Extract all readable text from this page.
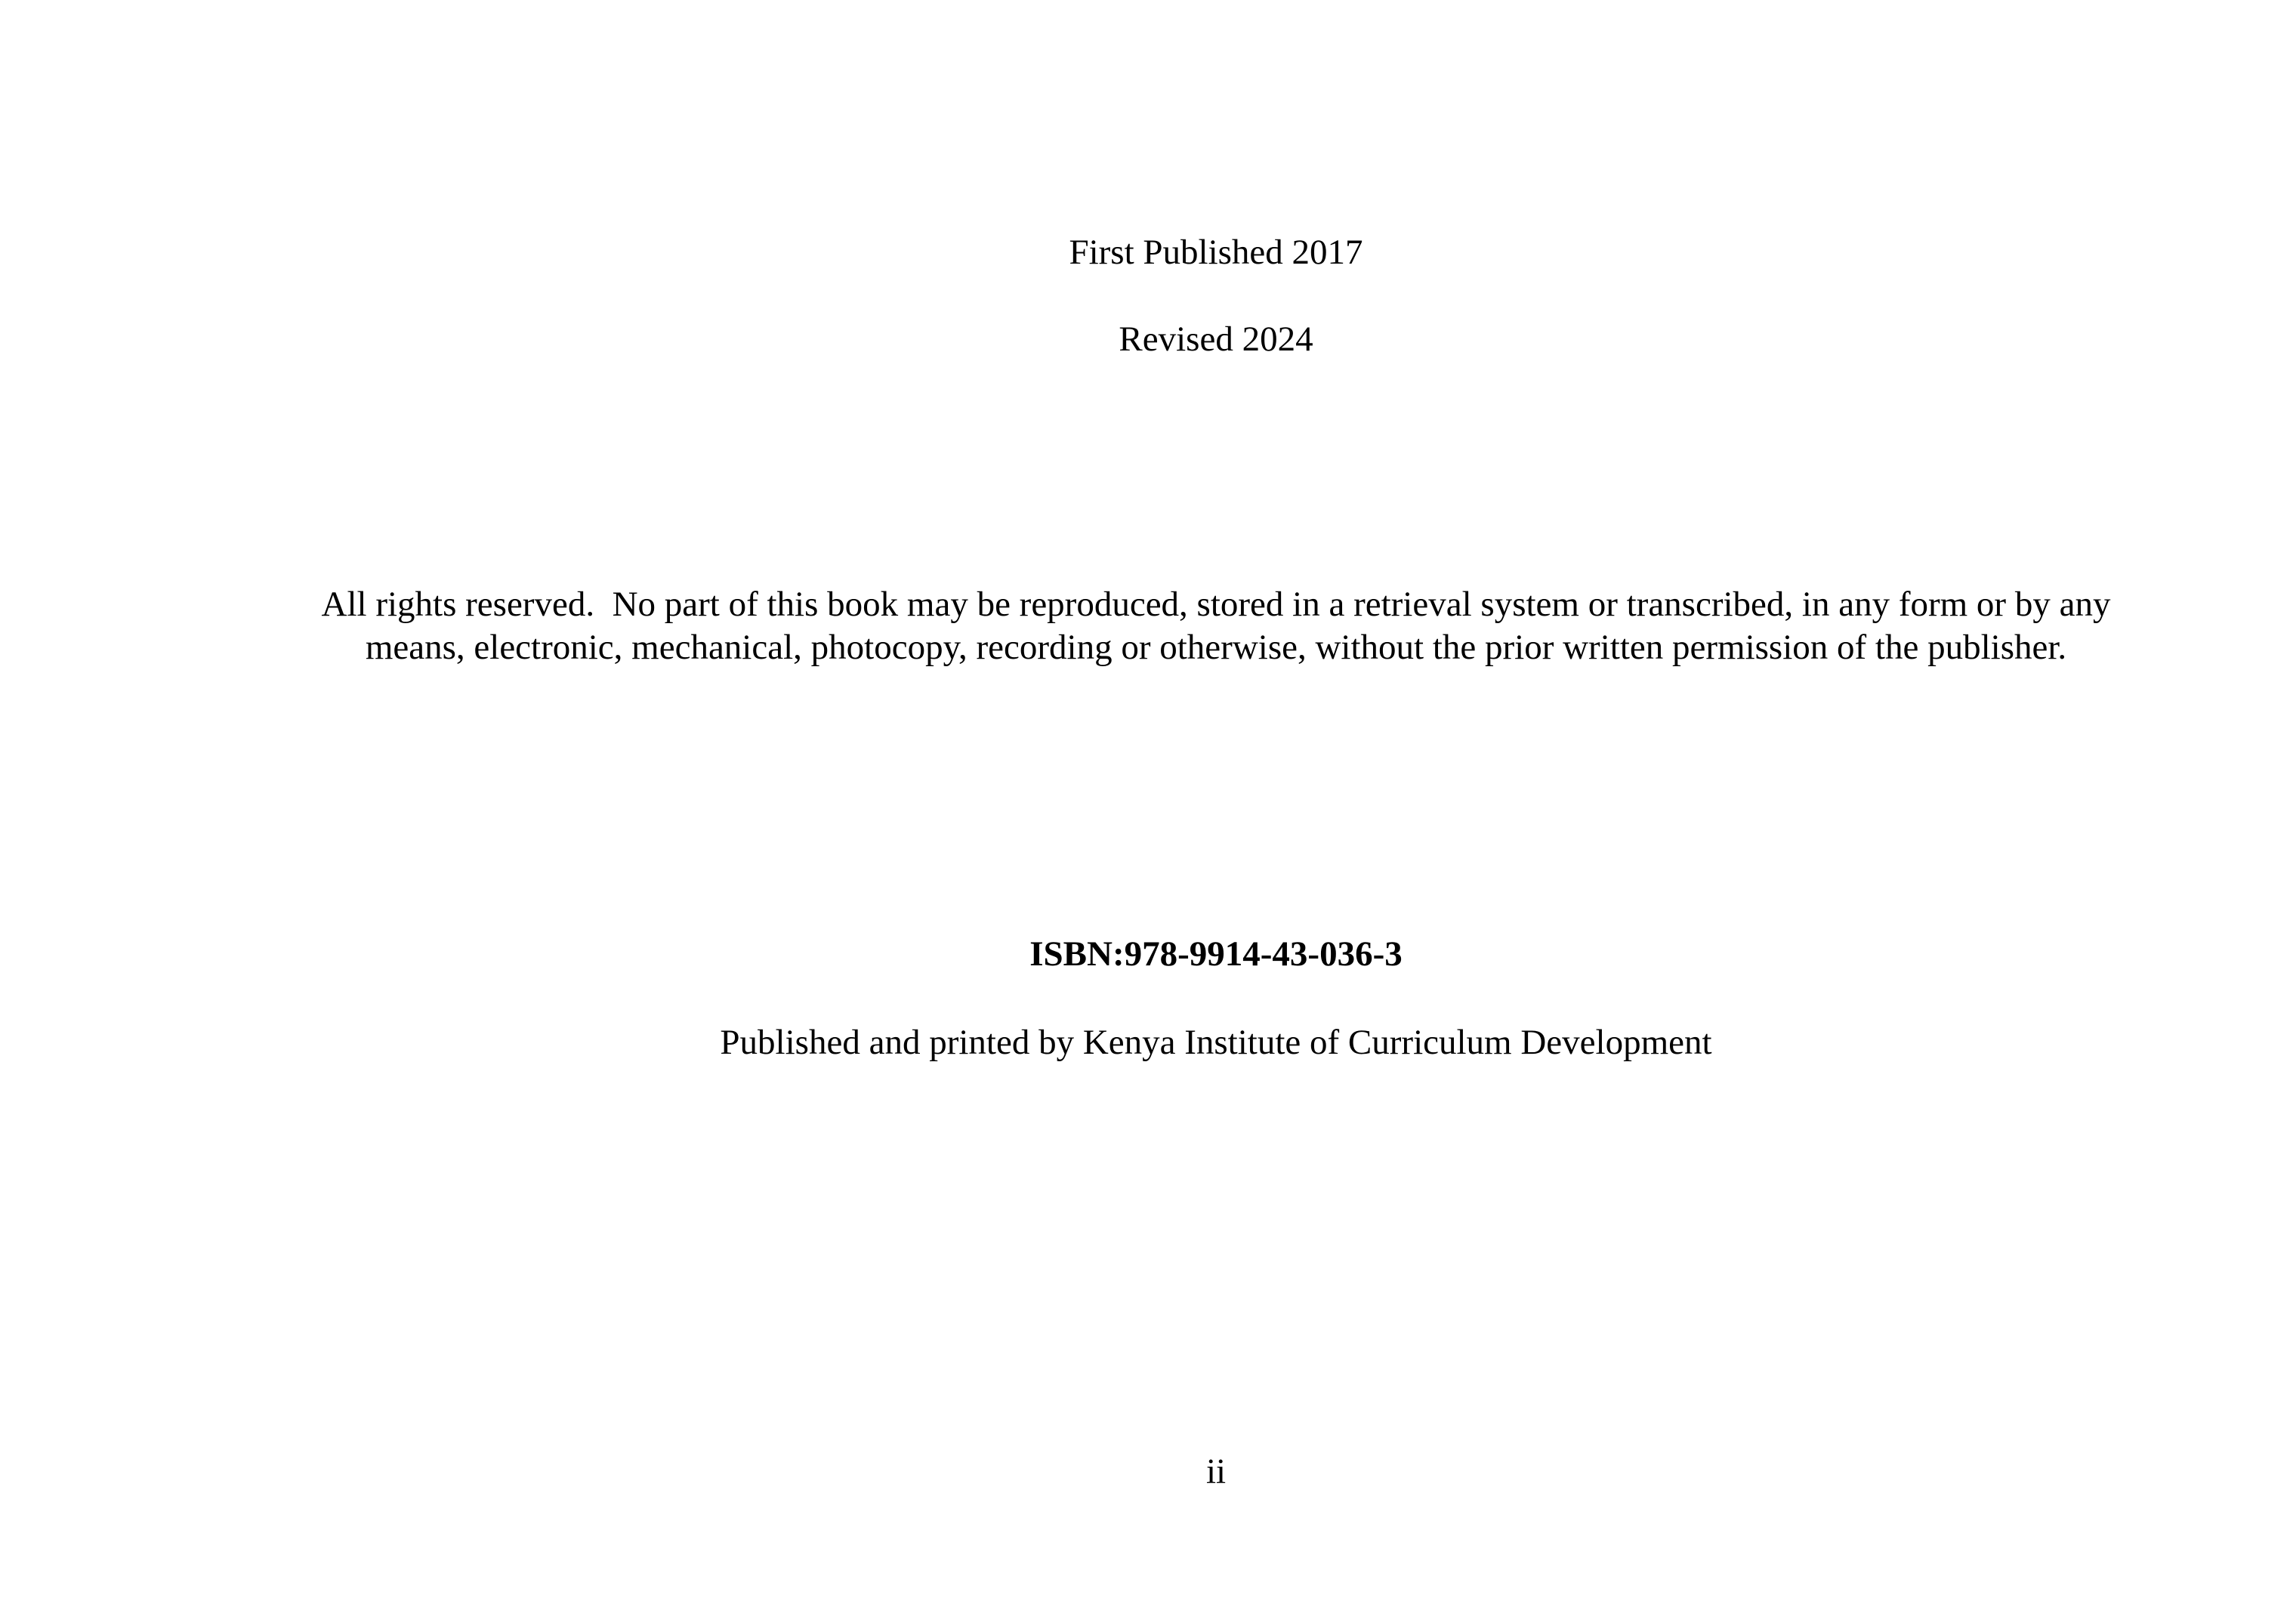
First Published 2017
Revised 2024
All rights reserved.  No part of this book may be reproduced, stored in a retrieval system or transcribed, in any form or by any
means, electronic, mechanical, photocopy, recording or otherwise, without the prior written permission of the publisher.
ISBN:978-9914-43-036-3
Published and printed by Kenya Institute of Curriculum Development
ii
